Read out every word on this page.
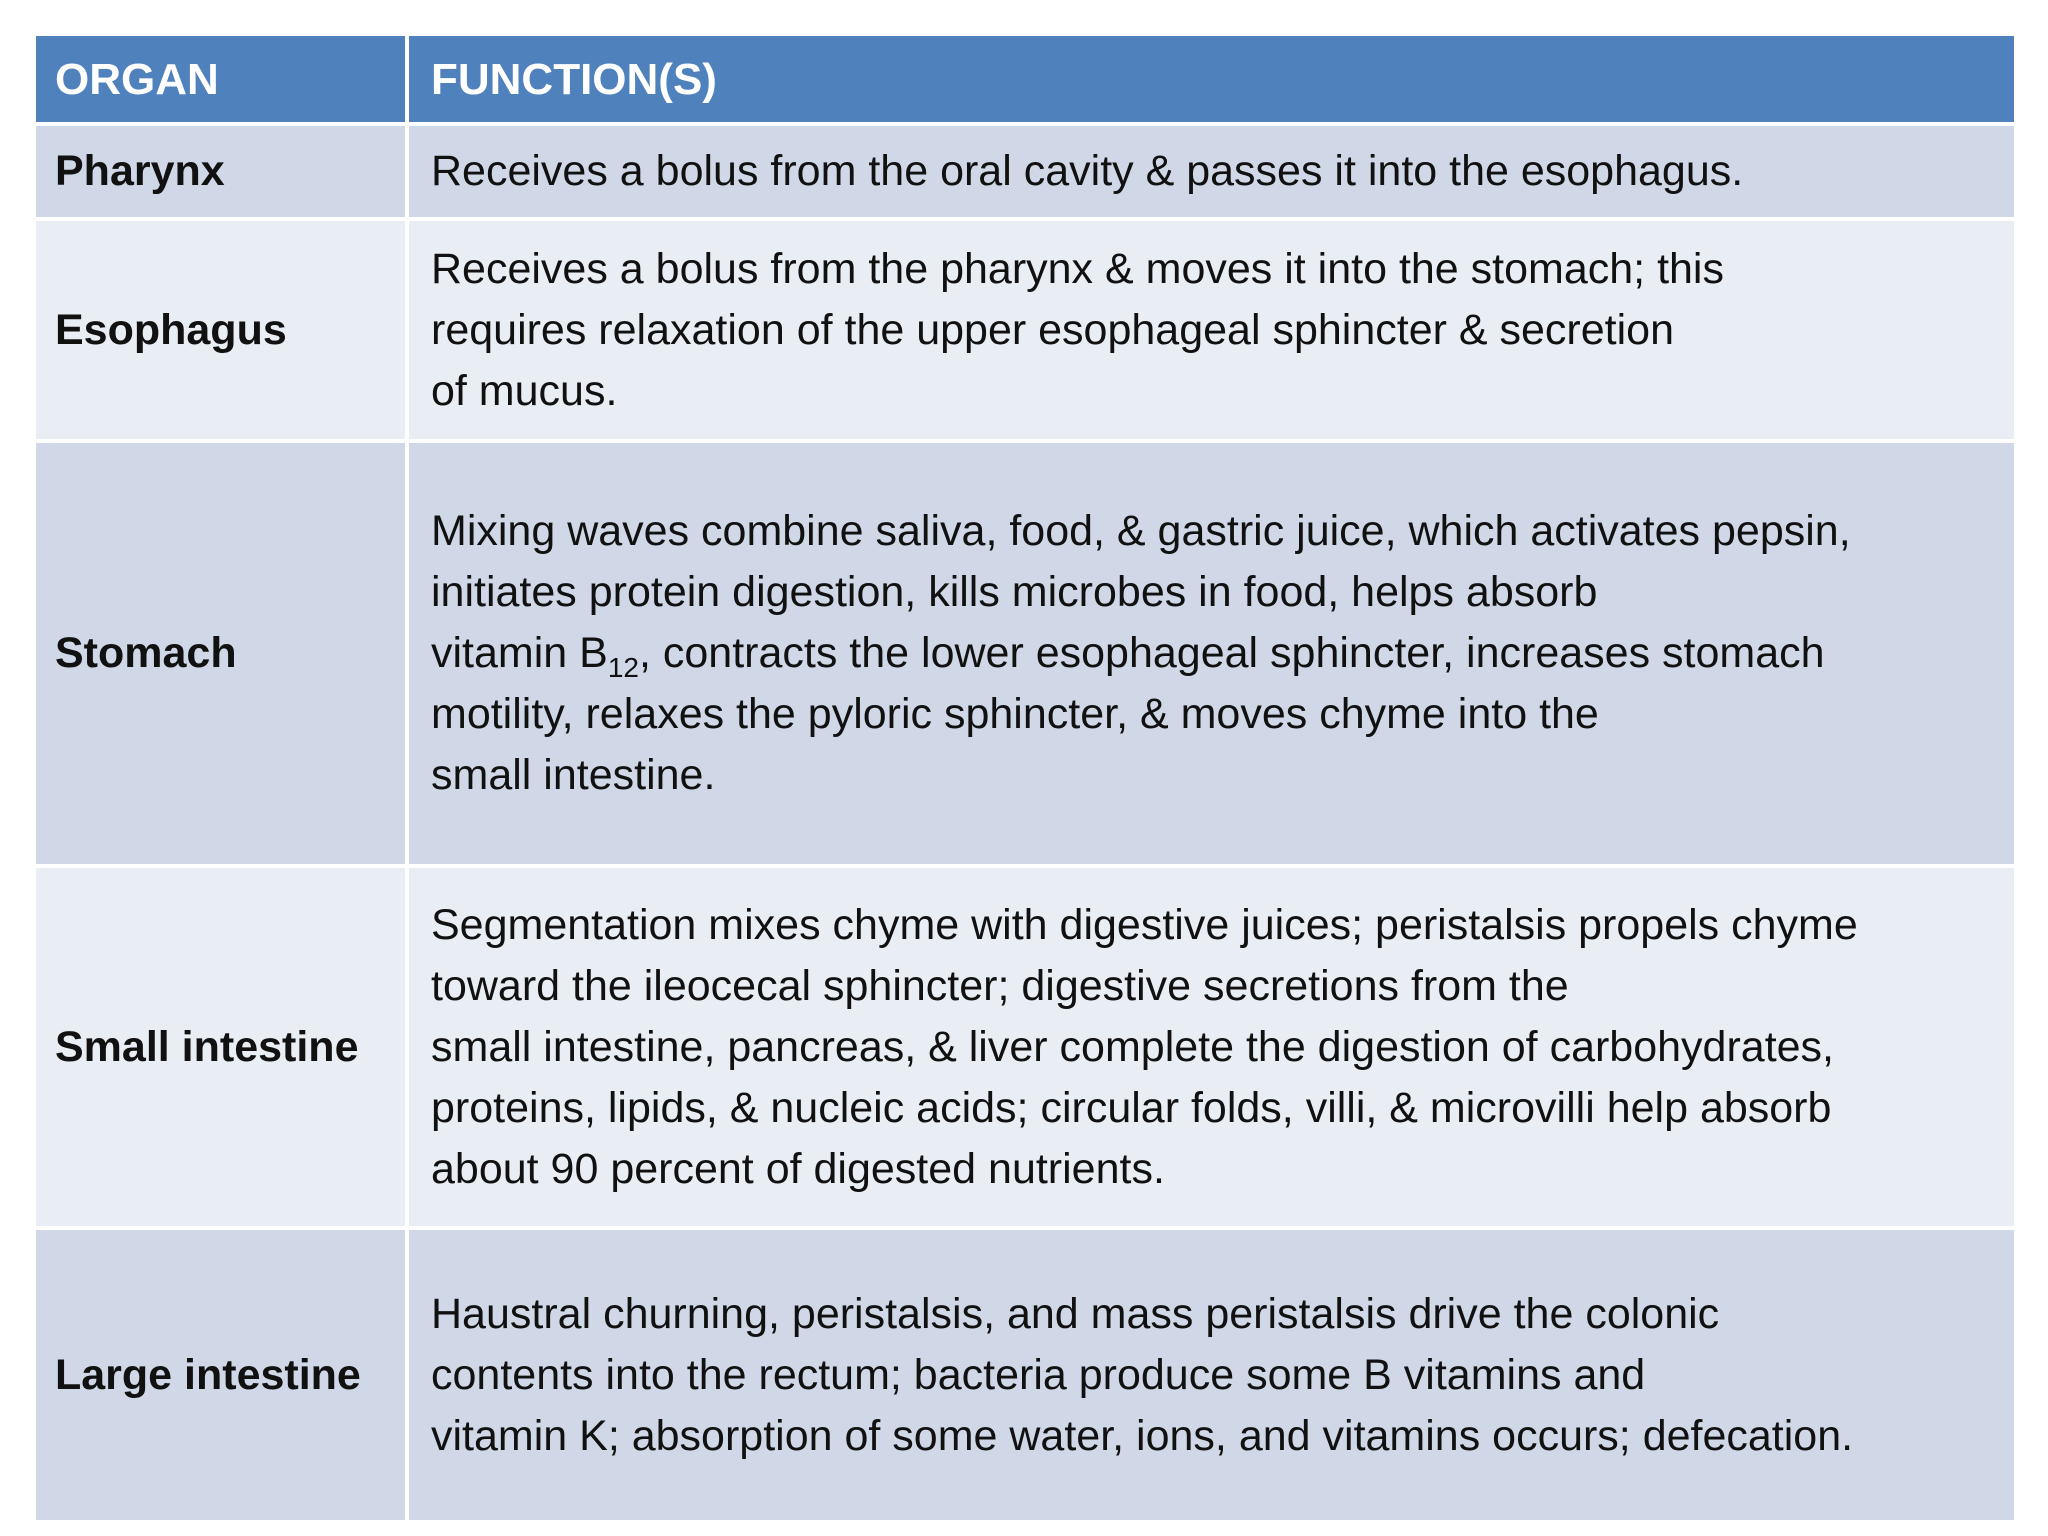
ORGAN	FUNCTION(S)
Pharynx	Receives a bolus from the oral cavity & passes it into the esophagus.
Esophagus
Receives a bolus from the pharynx & moves it into the stomach; this
requires relaxation of the upper esophageal sphincter & secretion
of mucus.
Stomach
Mixing waves combine saliva, food, & gastric juice, which activates pepsin,
initiates protein digestion, kills microbes in food, helps absorb
vitamin $B_{12}$, contracts the lower esophageal sphincter, increases stomach
motility, relaxes the pyloric sphincter, & moves chyme into the
small intestine.
Small intestine
Segmentation mixes chyme with digestive juices; peristalsis propels chyme
toward the ileocecal sphincter; digestive secretions from the
small intestine, pancreas, & liver complete the digestion of carbohydrates,
proteins, lipids, & nucleic acids; circular folds, villi, & microvilli help absorb
about 90 percent of digested nutrients.
Large intestine
Haustral churning, peristalsis, and mass peristalsis drive the colonic
contents into the rectum; bacteria produce some B vitamins and
vitamin K; absorption of some water, ions, and vitamins occurs; defecation.
